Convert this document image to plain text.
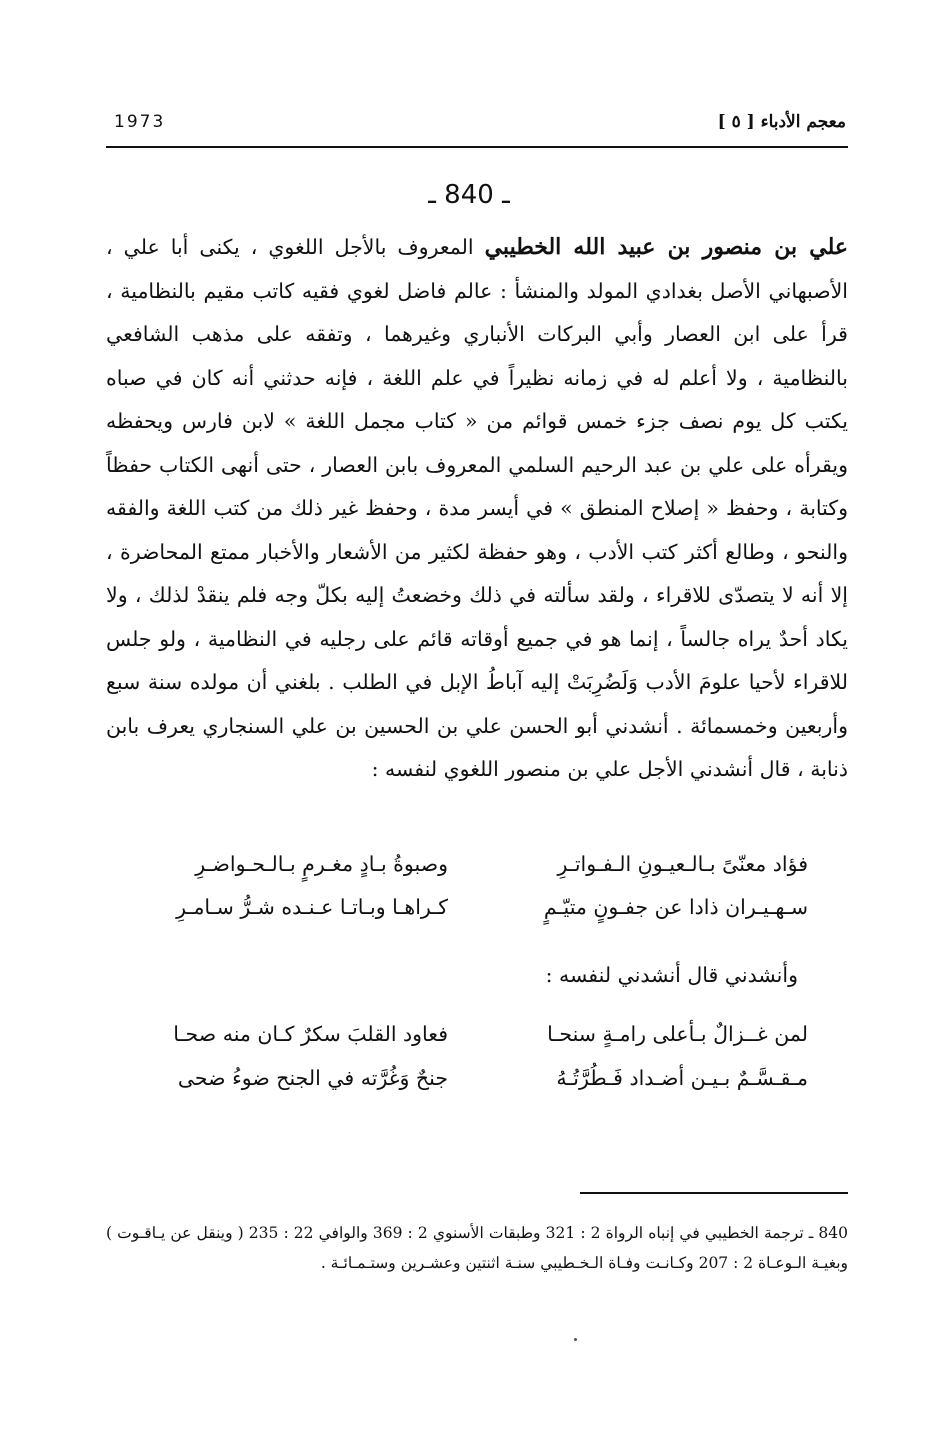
1973	معجم الأدباء [ ٥ ]
ـ 840 ـ
علي بن منصور بن عبيد الله الخطيبي المعروف بالأجل اللغوي ، يكنى أبا علي ، الأصبهاني الأصل بغدادي المولد والمنشأ : عالم فاضل لغوي فقيه كاتب مقيم بالنظامية ، قرأ على ابن العصار وأبي البركات الأنباري وغيرهما ، وتفقه على مذهب الشافعي بالنظامية ، ولا أعلم له في زمانه نظيراً في علم اللغة ، فإنه حدثني أنه كان في صباه يكتب كل يوم نصف جزء خمس قوائم من « كتاب مجمل اللغة » لابن فارس ويحفظه ويقرأه على علي بن عبد الرحيم السلمي المعروف بابن العصار ، حتى أنهى الكتاب حفظاً وكتابة ، وحفظ « إصلاح المنطق » في أيسر مدة ، وحفظ غير ذلك من كتب اللغة والفقه والنحو ، وطالع أكثر كتب الأدب ، وهو حفظة لكثير من الأشعار والأخبار ممتع المحاضرة ، إلا أنه لا يتصدّى للاقراء ، ولقد سألته في ذلك وخضعتُ إليه بكلّ وجه فلم ينقدْ لذلك ، ولا يكاد أحدٌ يراه جالساً ، إنما هو في جميع أوقاته قائم على رجليه في النظامية ، ولو جلس للاقراء لأحيا علومَ الأدب وَلَضُرِبَتْ إليه آباطُ الإبل في الطلب . بلغني أن مولده سنة سبع وأربعين وخمسمائة . أنشدني أبو الحسن علي بن الحسين بن علي السنجاري يعرف بابن ذنابة ، قال أنشدني الأجل علي بن منصور اللغوي لنفسه :
فؤاد معنّىً بـالـعيـونِ الـفـواتـرِ
وصبوةُ بـادٍ مغـرمٍ بـالـحـواضـرِ
سـهـيـران ذادا عن جفـونٍ متيّـمٍ
كـراهـا وبـاتـا عـنـده شـرُّ سـامـرِ
وأنشدني قال أنشدني لنفسه :
لمن غــزالٌ بـأعلى رامـةٍ سنحـا
فعاود القلبَ سكرٌ كـان منه صحـا
مـقـسَّـمٌ بـيـن أضـداد فَـطُرَّتُـهُ
جنحٌ وَغُرَّته في الجنح ضوءُ ضحى
840 ـ ترجمة الخطيبي في إنباه الرواة 2 : 321 وطبقات الأسنوي 2 : 369 والوافي 22 : 235 ( وينقل عن يـاقـوت ) وبغيـة الـوعـاة 2 : 207 وكـانـت وفـاة الـخـطيبي سنـة اثنتين وعشـرين وستـمـائـة .
